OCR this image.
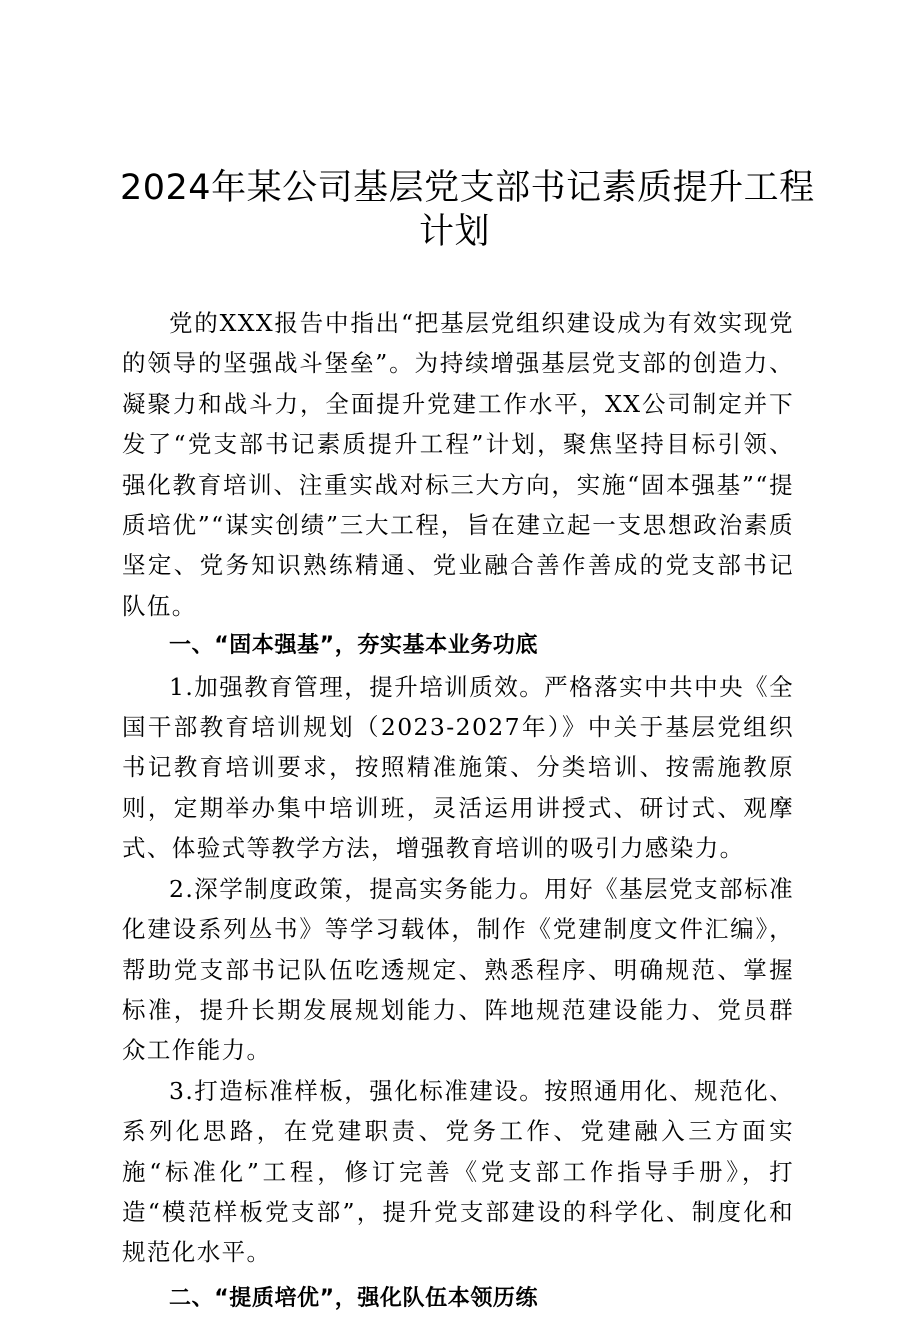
2024年某公司基层党支部书记素质提升工程
计划

党的XXX报告中指出“把基层党组织建设成为有效实现党的领导的坚强战斗堡垒”。为持续增强基层党支部的创造力、凝聚力和战斗力，全面提升党建工作水平，XX公司制定并下发了“党支部书记素质提升工程”计划，聚焦坚持目标引领、强化教育培训、注重实战对标三大方向，实施“固本强基”“提质培优”“谋实创绩”三大工程，旨在建立起一支思想政治素质坚定、党务知识熟练精通、党业融合善作善成的党支部书记队伍。

一、“固本强基”，夯实基本业务功底

1.加强教育管理，提升培训质效。严格落实中共中央《全国干部教育培训规划（2023-2027年）》中关于基层党组织书记教育培训要求，按照精准施策、分类培训、按需施教原则，定期举办集中培训班，灵活运用讲授式、研讨式、观摩式、体验式等教学方法，增强教育培训的吸引力感染力。

2.深学制度政策，提高实务能力。用好《基层党支部标准化建设系列丛书》等学习载体，制作《党建制度文件汇编》，帮助党支部书记队伍吃透规定、熟悉程序、明确规范、掌握标准，提升长期发展规划能力、阵地规范建设能力、党员群众工作能力。

3.打造标准样板，强化标准建设。按照通用化、规范化、系列化思路，在党建职责、党务工作、党建融入三方面实施“标准化”工程，修订完善《党支部工作指导手册》，打造“模范样板党支部”，提升党支部建设的科学化、制度化和规范化水平。

二、“提质培优”，强化队伍本领历练
